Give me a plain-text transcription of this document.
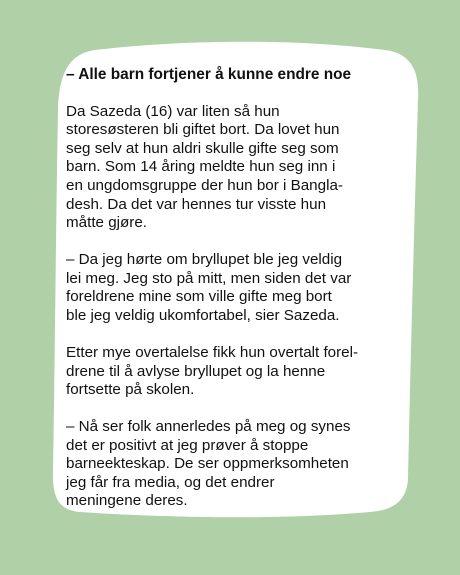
– Alle barn fortjener å kunne endre noe
Da Sazeda (16) var liten så hun
storesøsteren bli giftet bort. Da lovet hun
seg selv at hun aldri skulle gifte seg som
barn. Som 14 åring meldte hun seg inn i
en ungdomsgruppe der hun bor i Bangla-
desh. Da det var hennes tur visste hun
måtte gjøre.
– Da jeg hørte om bryllupet ble jeg veldig
lei meg. Jeg sto på mitt, men siden det var
foreldrene mine som ville gifte meg bort
ble jeg veldig ukomfortabel, sier Sazeda.
Etter mye overtalelse fikk hun overtalt forel-
drene til å avlyse bryllupet og la henne
fortsette på skolen.
– Nå ser folk annerledes på meg og synes
det er positivt at jeg prøver å stoppe
barneekteskap. De ser oppmerksomheten
jeg får fra media, og det endrer
meningene deres.
